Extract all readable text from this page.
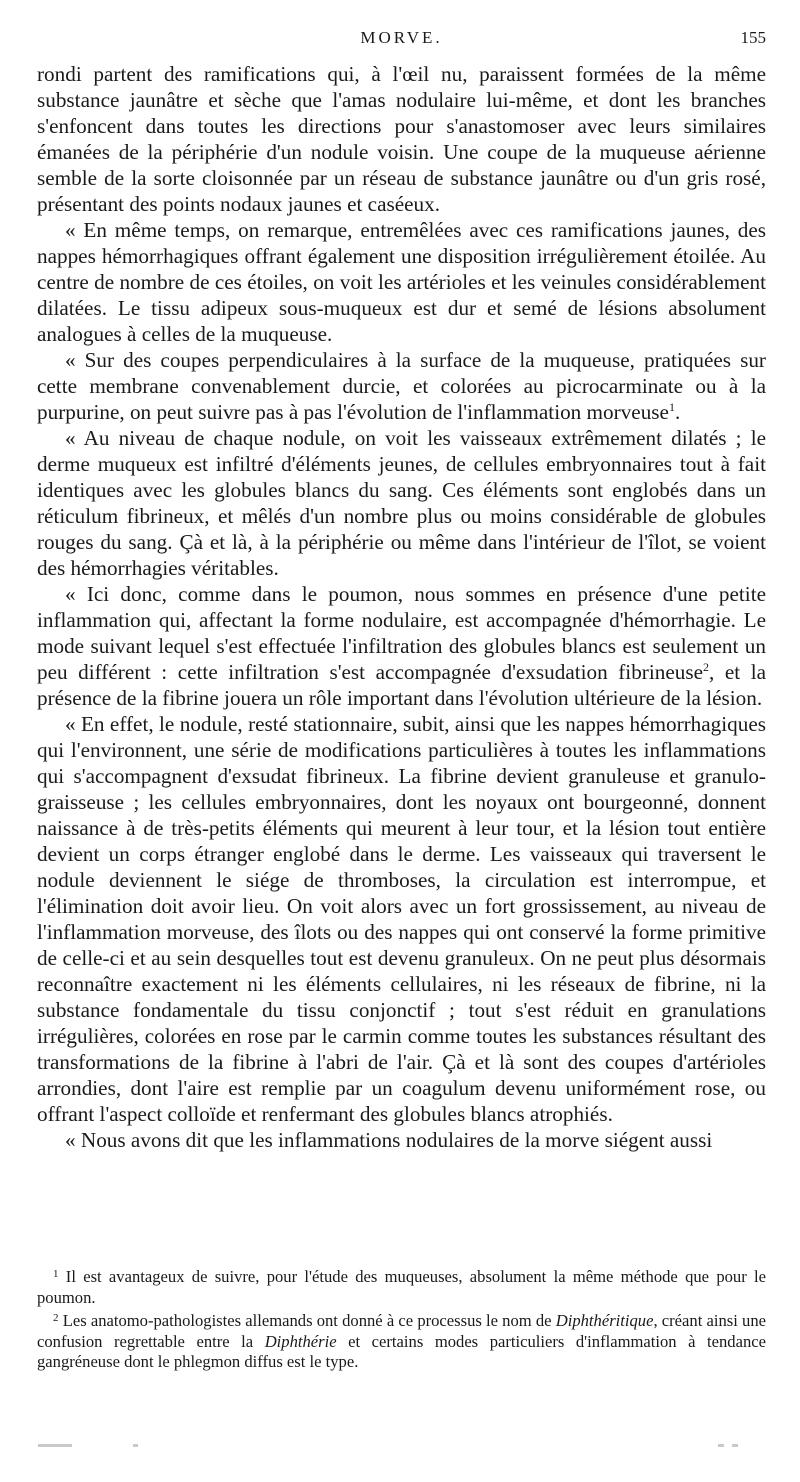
MORVE.	155

rondi partent des ramifications qui, à l'œil nu, paraissent formées de la même substance jaunâtre et sèche que l'amas nodulaire lui-même, et dont les branches s'enfoncent dans toutes les directions pour s'anastomoser avec leurs similaires émanées de la périphérie d'un nodule voisin. Une coupe de la muqueuse aérienne semble de la sorte cloisonnée par un réseau de substance jaunâtre ou d'un gris rosé, présentant des points nodaux jaunes et caséeux.

« En même temps, on remarque, entremêlées avec ces ramifications jaunes, des nappes hémorrhagiques offrant également une disposition irrégulièrement étoilée. Au centre de nombre de ces étoiles, on voit les artérioles et les veinules considérablement dilatées. Le tissu adipeux sous-muqueux est dur et semé de lésions absolument analogues à celles de la muqueuse.

« Sur des coupes perpendiculaires à la surface de la muqueuse, pratiquées sur cette membrane convenablement durcie, et colorées au picrocarminate ou à la purpurine, on peut suivre pas à pas l'évolution de l'inflammation morveuse$^1$.

« Au niveau de chaque nodule, on voit les vaisseaux extrêmement dilatés ; le derme muqueux est infiltré d'éléments jeunes, de cellules embryonnaires tout à fait identiques avec les globules blancs du sang. Ces éléments sont englobés dans un réticulum fibrineux, et mêlés d'un nombre plus ou moins considérable de globules rouges du sang. Çà et là, à la périphérie ou même dans l'intérieur de l'îlot, se voient des hémorrhagies véritables.

« Ici donc, comme dans le poumon, nous sommes en présence d'une petite inflammation qui, affectant la forme nodulaire, est accompagnée d'hémorrhagie. Le mode suivant lequel s'est effectuée l'infiltration des globules blancs est seulement un peu différent : cette infiltration s'est accompagnée d'exsudation fibrineuse$^2$, et la présence de la fibrine jouera un rôle important dans l'évolution ultérieure de la lésion.

« En effet, le nodule, resté stationnaire, subit, ainsi que les nappes hémorrhagiques qui l'environnent, une série de modifications particulières à toutes les inflammations qui s'accompagnent d'exsudat fibrineux. La fibrine devient granuleuse et granulo-graisseuse ; les cellules embryonnaires, dont les noyaux ont bourgeonné, donnent naissance à de très-petits éléments qui meurent à leur tour, et la lésion tout entière devient un corps étranger englobé dans le derme. Les vaisseaux qui traversent le nodule deviennent le siége de thromboses, la circulation est interrompue, et l'élimination doit avoir lieu. On voit alors avec un fort grossissement, au niveau de l'inflammation morveuse, des îlots ou des nappes qui ont conservé la forme primitive de celle-ci et au sein desquelles tout est devenu granuleux. On ne peut plus désormais reconnaître exactement ni les éléments cellulaires, ni les réseaux de fibrine, ni la substance fondamentale du tissu conjonctif ; tout s'est réduit en granulations irrégulières, colorées en rose par le carmin comme toutes les substances résultant des transformations de la fibrine à l'abri de l'air. Çà et là sont des coupes d'artérioles arrondies, dont l'aire est remplie par un coagulum devenu uniformément rose, ou offrant l'aspect colloïde et renfermant des globules blancs atrophiés.

« Nous avons dit que les inflammations nodulaires de la morve siégent aussi

$^1$ Il est avantageux de suivre, pour l'étude des muqueuses, absolument la même méthode que pour le poumon.

$^2$ Les anatomo-pathologistes allemands ont donné à ce processus le nom de Diphthéritique, créant ainsi une confusion regrettable entre la Diphthérie et certains modes particuliers d'inflammation à tendance gangréneuse dont le phlegmon diffus est le type.
